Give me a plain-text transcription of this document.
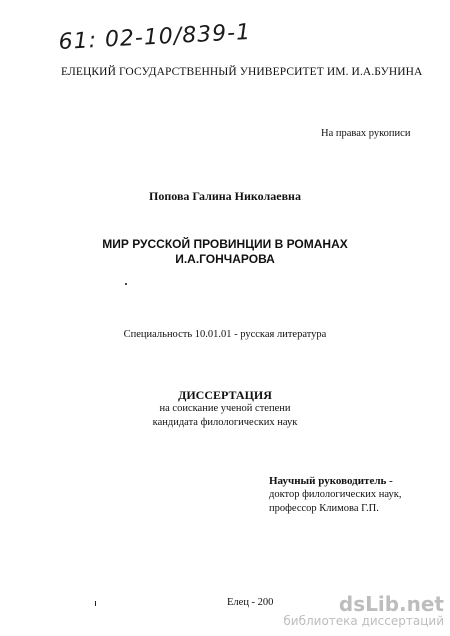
61: 02-10/839-1
ЕЛЕЦКИЙ ГОСУДАРСТВЕННЫЙ УНИВЕРСИТЕТ ИМ. И.А.БУНИНА
На правах рукописи
Попова Галина Николаевна
МИР РУССКОЙ ПРОВИНЦИИ В РОМАНАХ
И.А.ГОНЧАРОВА
Специальность 10.01.01 - русская литература
ДИССЕРТАЦИЯ
на соискание ученой степени
кандидата филологических наук
Научный руководитель -
доктор филологических наук,
профессор Климова Г.П.
Елец - 200	dsLib.net
библиотека диссертаций
